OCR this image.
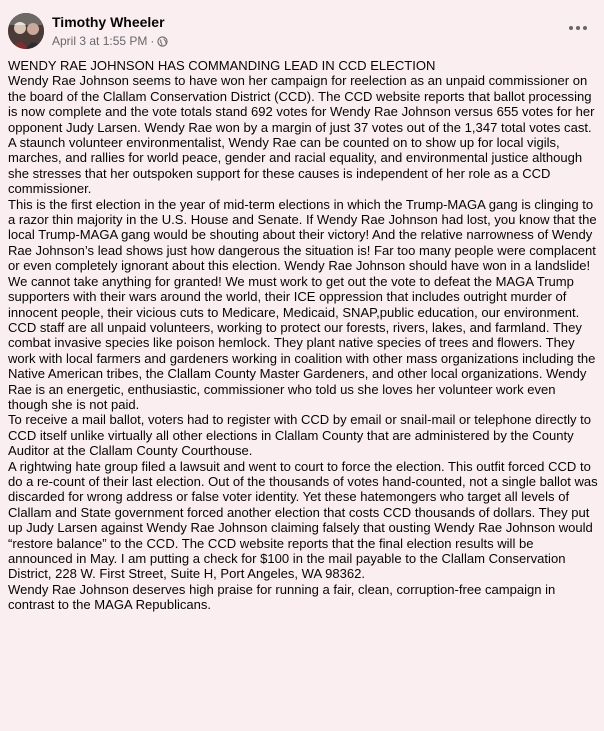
Timothy Wheeler
April 3 at 1:55 PM ·

WENDY RAE JOHNSON HAS COMMANDING LEAD IN CCD ELECTION

Wendy Rae Johnson seems to have won her campaign for reelection as an unpaid commissioner on the board of the Clallam Conservation District (CCD). The CCD website reports that ballot processing is now complete and the vote totals stand 692 votes for Wendy Rae Johnson versus 655 votes for her opponent Judy Larsen. Wendy Rae won by a margin of just 37 votes out of the 1,347 total votes cast. A staunch volunteer environmentalist, Wendy Rae can be counted on to show up for local vigils, marches, and rallies for world peace, gender and racial equality, and environmental justice although she stresses that her outspoken support for these causes is independent of her role as a CCD commissioner.

This is the first election in the year of mid-term elections in which the Trump-MAGA gang is clinging to a razor thin majority in the U.S. House and Senate. If Wendy Rae Johnson had lost, you know that the local Trump-MAGA gang would be shouting about their victory! And the relative narrowness of Wendy Rae Johnson’s lead shows just how dangerous the situation is! Far too many people were complacent or even completely ignorant about this election. Wendy Rae Johnson should have won in a landslide! We cannot take anything for granted! We must work to get out the vote to defeat the MAGA Trump supporters with their wars around the world, their ICE oppression that includes outright murder of innocent people, their vicious cuts to Medicare, Medicaid, SNAP,public education, our environment.

CCD staff are all unpaid volunteers, working to protect our forests, rivers, lakes, and farmland. They combat invasive species like poison hemlock. They plant native species of trees and flowers. They work with local farmers and gardeners working in coalition with other mass organizations including the Native American tribes, the Clallam County Master Gardeners, and other local organizations. Wendy Rae is an energetic, enthusiastic, commissioner who told us she loves her volunteer work even though she is not paid.

To receive a mail ballot, voters had to register with CCD by email or snail-mail or telephone directly to CCD itself unlike virtually all other elections in Clallam County that are administered by the County Auditor at the Clallam County Courthouse.

A rightwing hate group filed a lawsuit and went to court to force the election. This outfit forced CCD to do a re-count of their last election. Out of the thousands of votes hand-counted, not a single ballot was discarded for wrong address or false voter identity. Yet these hatemongers who target all levels of Clallam and State government forced another election that costs CCD thousands of dollars. They put up Judy Larsen against Wendy Rae Johnson claiming falsely that ousting Wendy Rae Johnson would “restore balance” to the CCD. The CCD website reports that the final election results will be announced in May. I am putting a check for $100 in the mail payable to the Clallam Conservation District, 228 W. First Street, Suite H, Port Angeles, WA 98362.

Wendy Rae Johnson deserves high praise for running a fair, clean, corruption-free campaign in contrast to the MAGA Republicans.
